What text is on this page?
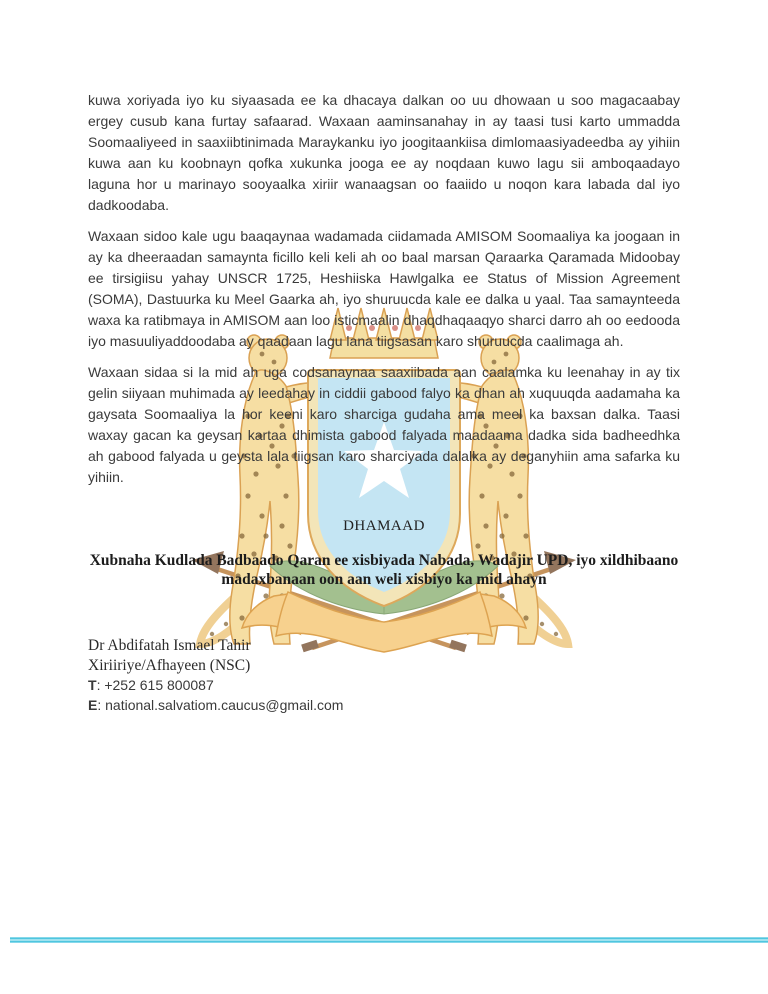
kuwa xoriyada iyo ku siyaasada ee ka dhacaya dalkan oo uu dhowaan u soo magacaabay ergey cusub kana furtay safaarad. Waxaan aaminsanahay in ay taasi tusi karto ummadda Soomaaliyeed in saaxiibtinimada Maraykanku iyo joogitaankiisa dimlomaasiyadeedba ay yihiin kuwa aan ku koobnayn qofka xukunka jooga ee ay noqdaan kuwo lagu sii amboqaadayo laguna hor u marinayo sooyaalka xiriir wanaagsan oo faaiido u noqon kara labada dal iyo dadkoodaba.

Waxaan sidoo kale ugu baaqaynaa wadamada ciidamada AMISOM Soomaaliya ka joogaan in ay ka dheeraadan samaynta ficillo keli keli ah oo baal marsan Qaraarka Qaramada Midoobay ee tirsigiisu yahay UNSCR 1725, Heshiiska Hawlgalka ee Status of Mission Agreement (SOMA), Dastuurka ku Meel Gaarka ah, iyo shuruucda kale ee dalka u yaal. Taa samaynteeda waxa ka ratibmaya in AMISOM aan loo isticmaalin dhaqdhaqaaqyo sharci darro ah oo eedooda iyo masuuliyaddoodaba ay qaadaan lagu lana tiigsasan karo shuruucda caalimaga ah.

Waxaan sidaa si la mid ah uga codsanaynaa saaxiibada aan caalamka ku leenahay in ay tix gelin siiyaan muhimada ay leedahay in ciddii gabood falyo ka dhan ah xuquuqda aadamaha ka gaysata Soomaaliya la hor keeni karo sharciga gudaha ama meel ka baxsan dalka. Taasi waxay gacan ka geysan kartaa dhimista gabood falyada maadaama dadka sida badheedhka ah gabood falyada u geysta lala tiigsan karo sharciyada dalalka ay deganyhiin ama safarka ku yihiin.

DHAMAAD
Xubnaha Kudlada Badbaado Qaran ee xisbiyada Nabada, Wadajir UPD, iyo xildhibaano
madaxbanaan oon aan weli xisbiyo ka mid ahayn
Dr Abdifatah Ismael Tahir
Xiriiriye/Afhayeen (NSC)
T: +252 615 800087
E: national.salvatiom.caucus@gmail.com
